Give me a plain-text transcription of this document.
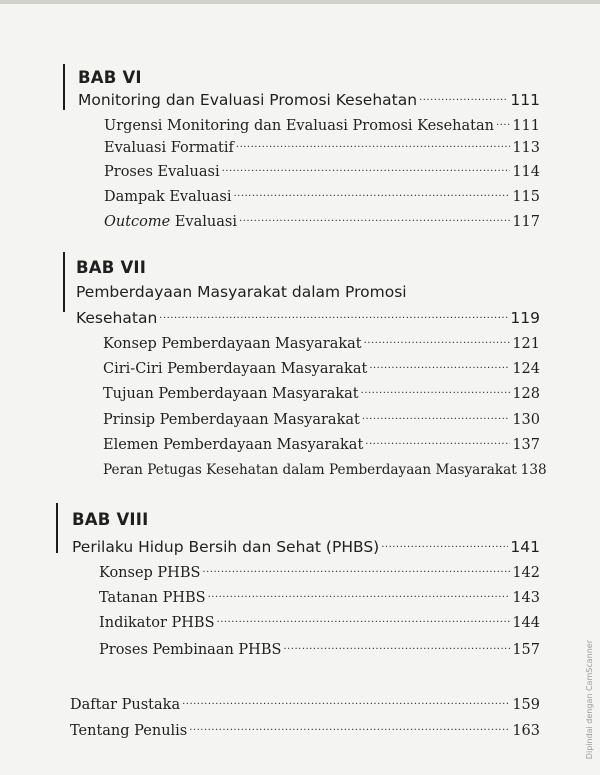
BAB VI
Monitoring dan Evaluasi Promosi Kesehatan .....	111
Urgensi Monitoring dan Evaluasi Promosi Kesehatan ..... 111
Evaluasi Formatif .....	113
Proses Evaluasi .....	114
Dampak Evaluasi .....	115
Outcome Evaluasi .....	117
BAB VII
Pemberdayaan Masyarakat dalam Promosi
Kesehatan .....	119
Konsep Pemberdayaan Masyarakat .....	121
Ciri-Ciri Pemberdayaan Masyarakat .....	124
Tujuan Pemberdayaan Masyarakat .....	128
Prinsip Pemberdayaan Masyarakat .....	130
Elemen Pemberdayaan Masyarakat .....	137
Peran Petugas Kesehatan dalam Pemberdayaan Masyarakat 138
BAB VIII
Perilaku Hidup Bersih dan Sehat (PHBS) .....	141
Konsep PHBS .....	142
Tatanan PHBS .....	143
Indikator PHBS .....	144
Proses Pembinaan PHBS .....	157
Daftar Pustaka .....	159
Tentang Penulis .....	163	Dipindai dengan CamScanner
